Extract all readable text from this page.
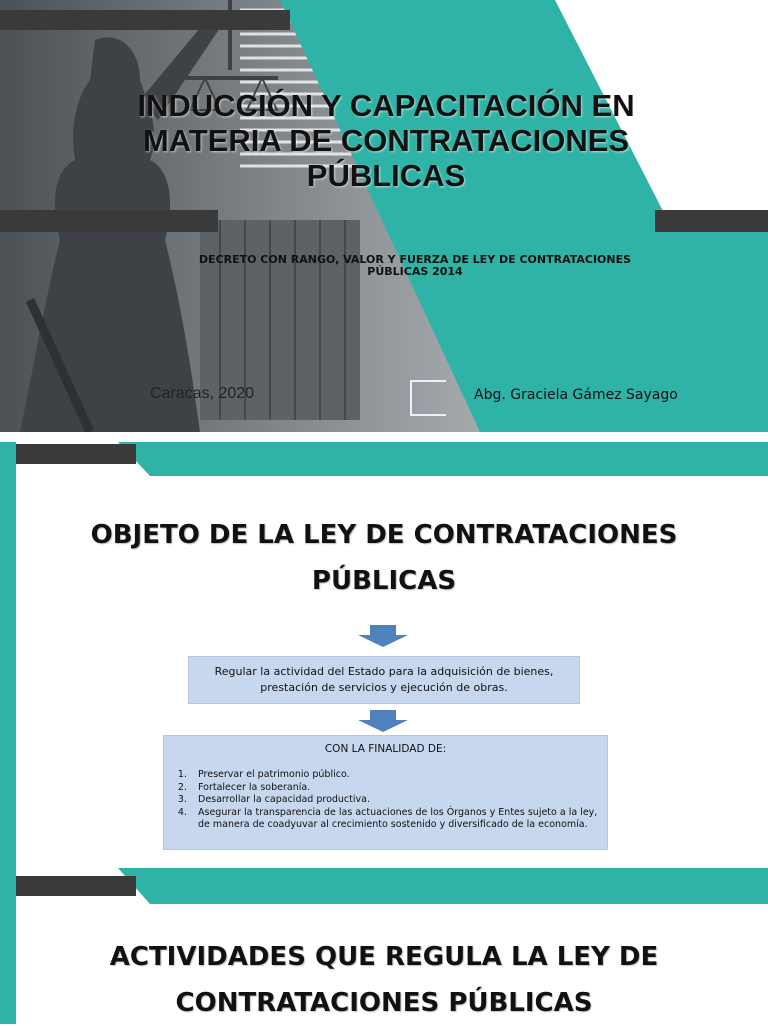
INDUCCIÓN Y CAPACITACIÓN EN MATERIA DE CONTRATACIONES PÚBLICAS
DECRETO CON RANGO, VALOR Y FUERZA DE LEY DE CONTRATACIONES PÚBLICAS 2014
Caracas, 2020	Abg. Graciela Gámez Sayago
OBJETO DE LA LEY DE CONTRATACIONES PÚBLICAS
Regular la actividad del Estado para la adquisición de bienes, prestación de servicios y ejecución de obras.
CON LA FINALIDAD DE:
1. Preservar el patrimonio público.
2. Fortalecer la soberanía.
3. Desarrollar la capacidad productiva.
4. Asegurar la transparencia de las actuaciones de los Órganos y Entes sujeto a la ley, de manera de coadyuvar al crecimiento sostenido y diversificado de la economía.
ACTIVIDADES QUE REGULA LA LEY DE CONTRATACIONES PÚBLICAS
